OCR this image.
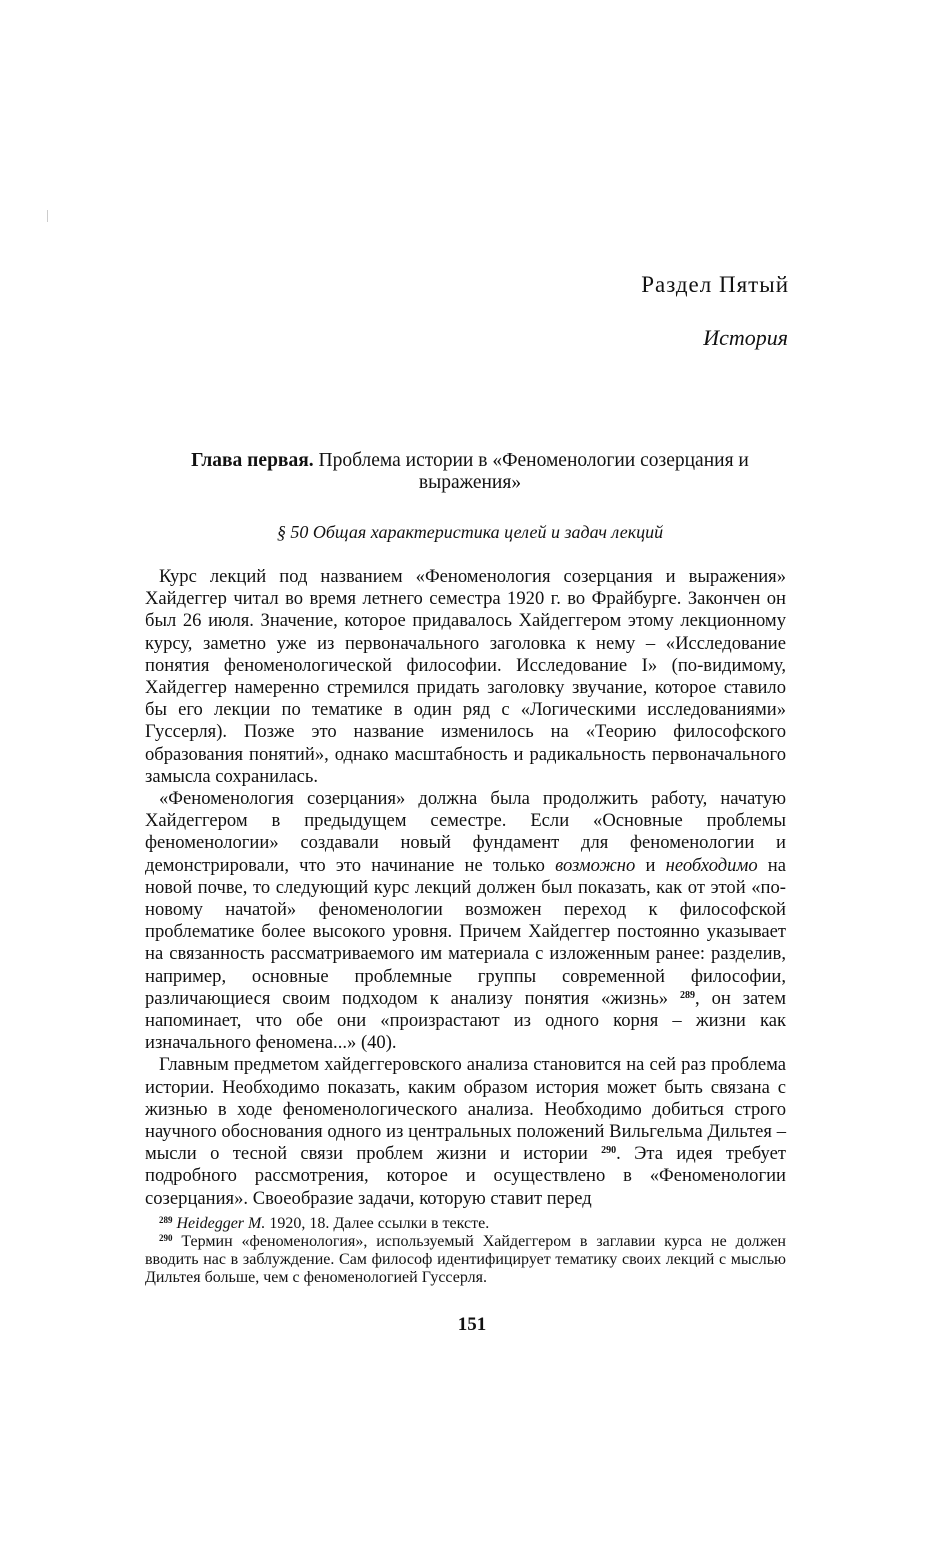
Раздел Пятый
История
Глава первая. Проблема истории в «Феноменологии созерцания и выражения»
§ 50 Общая характеристика целей и задач лекций

Курс лекций под названием «Феноменология созерцания и выражения» Хайдеггер читал во время летнего семестра 1920 г. во Фрайбурге. Закончен он был 26 июля. Значение, которое придавалось Хайдеггером этому лекционному курсу, заметно уже из первоначального заголовка к нему – «Исследование понятия феноменологической философии. Исследование I» (по-видимому, Хайдеггер намеренно стремился придать заголовку звучание, которое ставило бы его лекции по тематике в один ряд с «Логическими исследованиями» Гуссерля). Позже это название изменилось на «Теорию философского образования понятий», однако масштабность и радикальность первоначального замысла сохранилась.

«Феноменология созерцания» должна была продолжить работу, начатую Хайдеггером в предыдущем семестре. Если «Основные проблемы феноменологии» создавали новый фундамент для феноменологии и демонстрировали, что это начинание не только возможно и необходимо на новой почве, то следующий курс лекций должен был показать, как от этой «по-новому начатой» феноменологии возможен переход к философской проблематике более высокого уровня. Причем Хайдеггер постоянно указывает на связанность рассматриваемого им материала с изложенным ранее: разделив, например, основные проблемные группы современной философии, различающиеся своим подходом к анализу понятия «жизнь» $^{289}$, он затем напоминает, что обе они «произрастают из одного корня – жизни как изначального феномена...» (40).

Главным предметом хайдеггеровского анализа становится на сей раз проблема истории. Необходимо показать, каким образом история может быть связана с жизнью в ходе феноменологического анализа. Необходимо добиться строго научного обоснования одного из центральных положений Вильгельма Дильтея – мысли о тесной связи проблем жизни и истории $^{290}$. Эта идея требует подробного рассмотрения, которое и осуществлено в «Феноменологии созерцания». Своеобразие задачи, которую ставит перед

$^{289}$ Heidegger M. 1920, 18. Далее ссылки в тексте.

$^{290}$ Термин «феноменология», используемый Хайдеггером в заглавии курса не должен вводить нас в заблуждение. Сам философ идентифицирует тематику своих лекций с мыслью Дильтея больше, чем с феноменологией Гуссерля.

151
